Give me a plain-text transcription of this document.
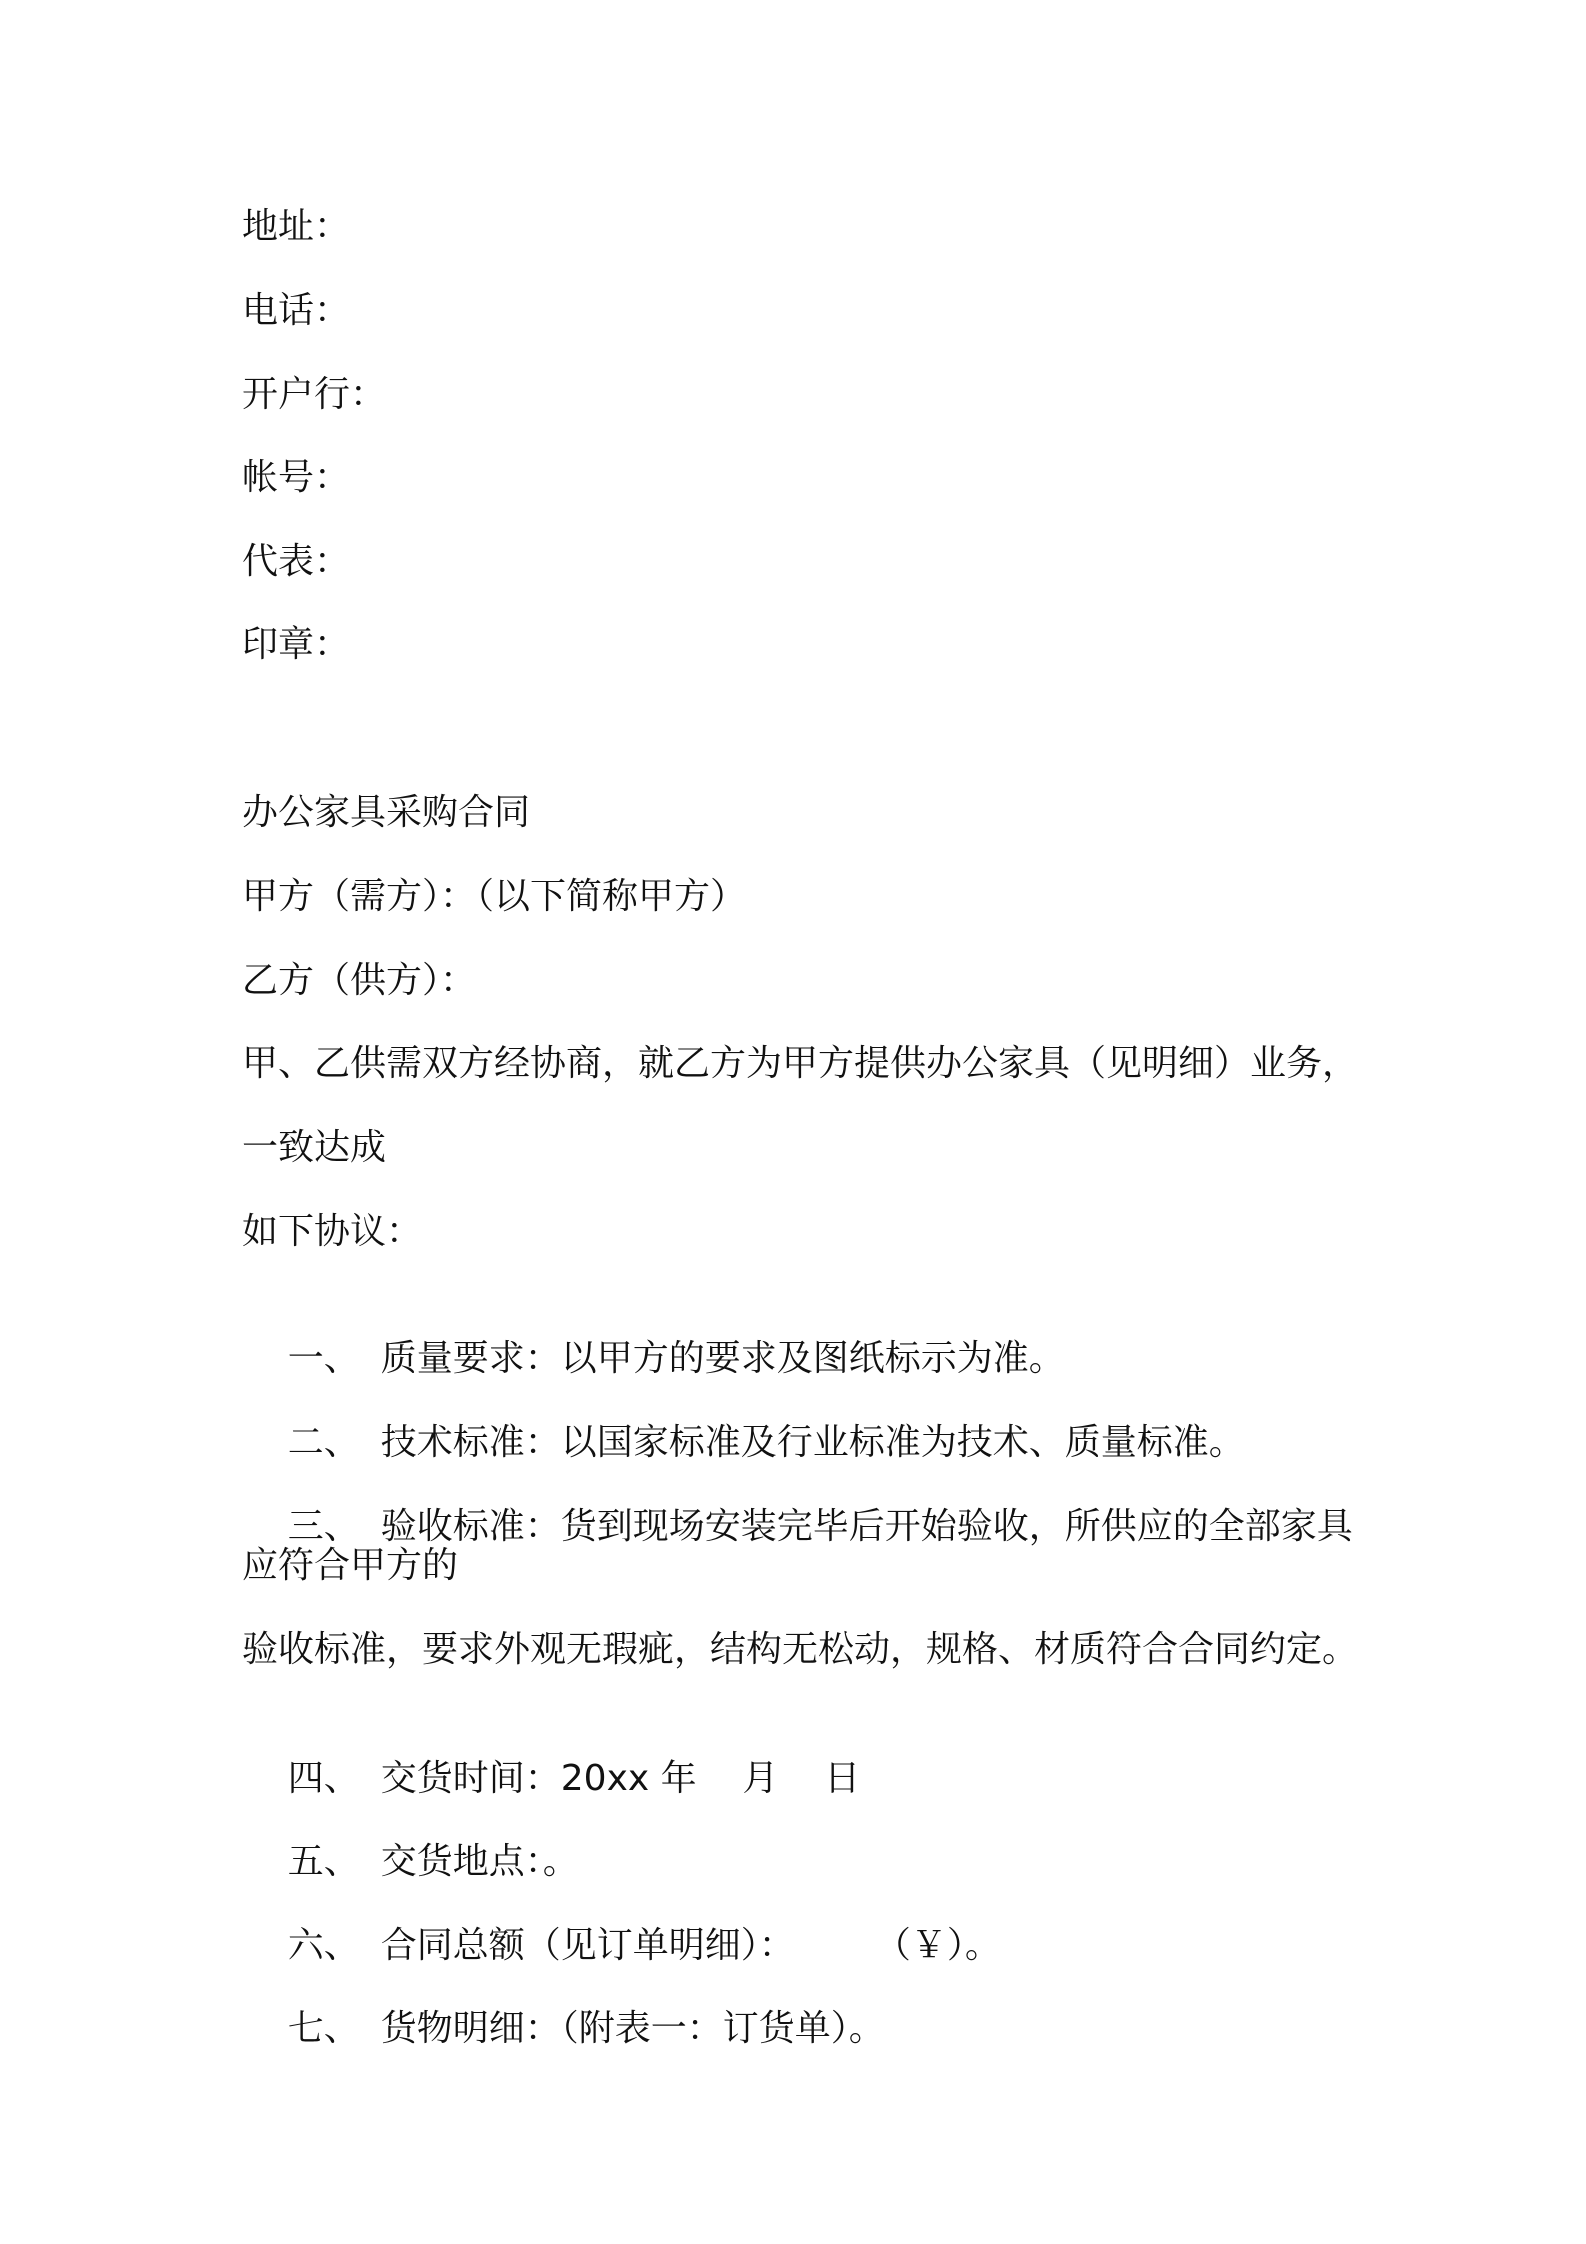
地址：
电话：
开户行：
帐号：
代表：
印章：
办公家具采购合同
甲方（需方）：（以下简称甲方）
乙方（供方）：
甲、乙供需双方经协商，就乙方为甲方提供办公家具（见明细）业务，
一致达成
如下协议：

一、 质量要求：以甲方的要求及图纸标示为准。

二、 技术标准：以国家标准及行业标准为技术、质量标准。

三、 验收标准：货到现场安装完毕后开始验收，所供应的全部家具

应符合甲方的
验收标准，要求外观无瑕疵，结构无松动，规格、材质符合合同约定。

四、 交货时间：20xx 年    月    日

五、 交货地点：。

六、 合同总额（见订单明细）：       （￥）。

七、 货物明细：（附表一：订货单）。
